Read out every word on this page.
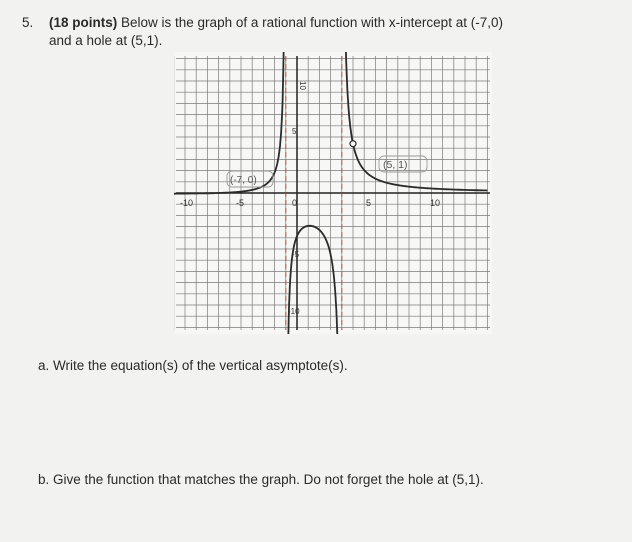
5. (18 points) Below is the graph of a rational function with x-intercept at (-7,0)
and a hole at (5,1).
-10	-5	0	5	10
10
5
-5
-10
(-7, 0)
(5, 1)
a. Write the equation(s) of the vertical asymptote(s).
b. Give the function that matches the graph. Do not forget the hole at (5,1).
